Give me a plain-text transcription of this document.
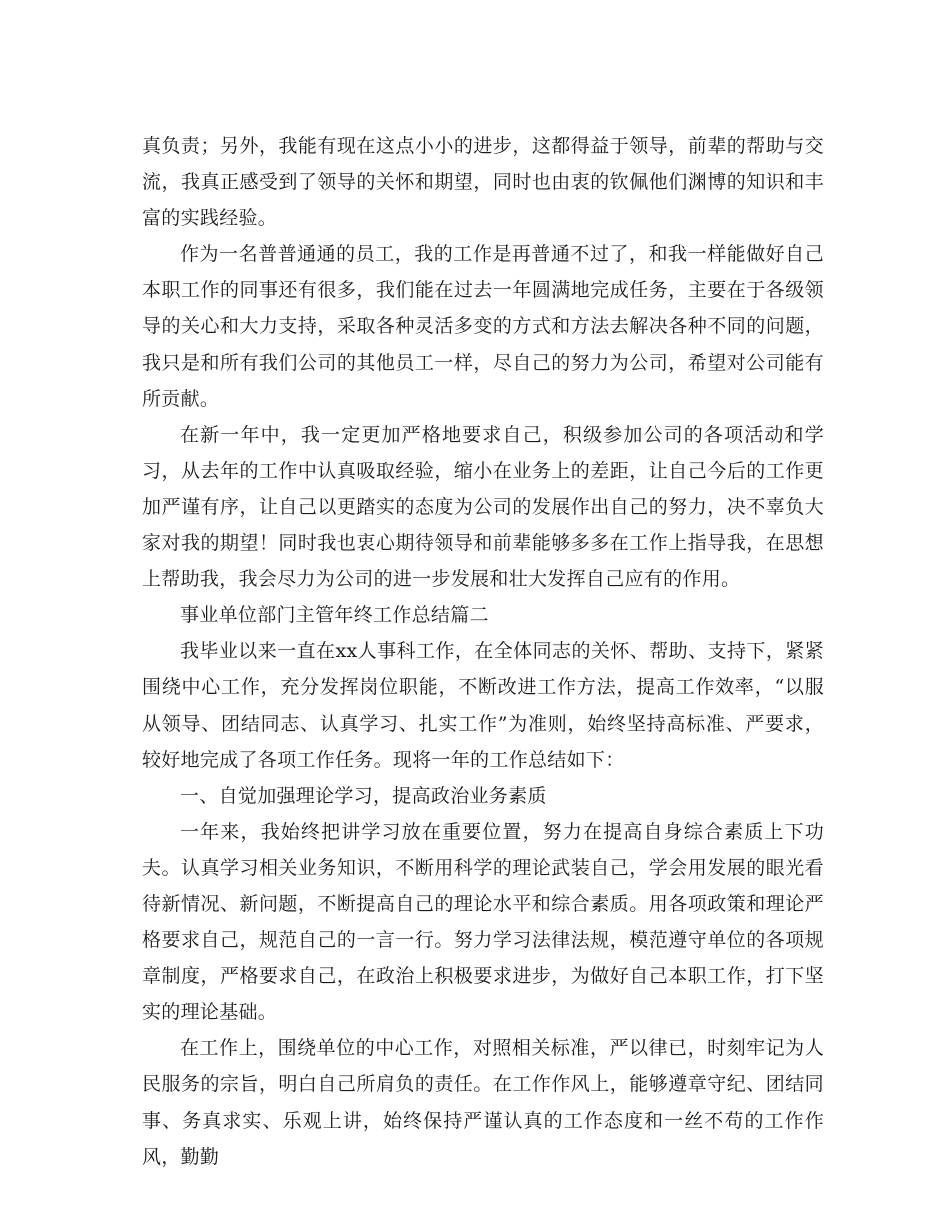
真负责；另外，我能有现在这点小小的进步，这都得益于领导，前辈的帮助与交流，我真正感受到了领导的关怀和期望，同时也由衷的钦佩他们渊博的知识和丰富的实践经验。

作为一名普普通通的员工，我的工作是再普通不过了，和我一样能做好自己本职工作的同事还有很多，我们能在过去一年圆满地完成任务，主要在于各级领导的关心和大力支持，采取各种灵活多变的方式和方法去解决各种不同的问题，我只是和所有我们公司的其他员工一样，尽自己的努力为公司，希望对公司能有所贡献。

在新一年中，我一定更加严格地要求自己，积级参加公司的各项活动和学习，从去年的工作中认真吸取经验，缩小在业务上的差距，让自己今后的工作更加严谨有序，让自己以更踏实的态度为公司的发展作出自己的努力，决不辜负大家对我的期望！同时我也衷心期待领导和前辈能够多多在工作上指导我，在思想上帮助我，我会尽力为公司的进一步发展和壮大发挥自己应有的作用。

事业单位部门主管年终工作总结篇二

我毕业以来一直在xx人事科工作，在全体同志的关怀、帮助、支持下，紧紧围绕中心工作，充分发挥岗位职能，不断改进工作方法，提高工作效率，“以服从领导、团结同志、认真学习、扎实工作”为准则，始终坚持高标准、严要求，较好地完成了各项工作任务。现将一年的工作总结如下：

一、自觉加强理论学习，提高政治业务素质

一年来，我始终把讲学习放在重要位置，努力在提高自身综合素质上下功夫。认真学习相关业务知识，不断用科学的理论武装自己，学会用发展的眼光看待新情况、新问题，不断提高自己的理论水平和综合素质。用各项政策和理论严格要求自己，规范自己的一言一行。努力学习法律法规，模范遵守单位的各项规章制度，严格要求自己，在政治上积极要求进步，为做好自己本职工作，打下坚实的理论基础。

在工作上，围绕单位的中心工作，对照相关标准，严以律已，时刻牢记为人民服务的宗旨，明白自己所肩负的责任。在工作作风上，能够遵章守纪、团结同事、务真求实、乐观上讲，始终保持严谨认真的工作态度和一丝不苟的工作作风，勤勤
